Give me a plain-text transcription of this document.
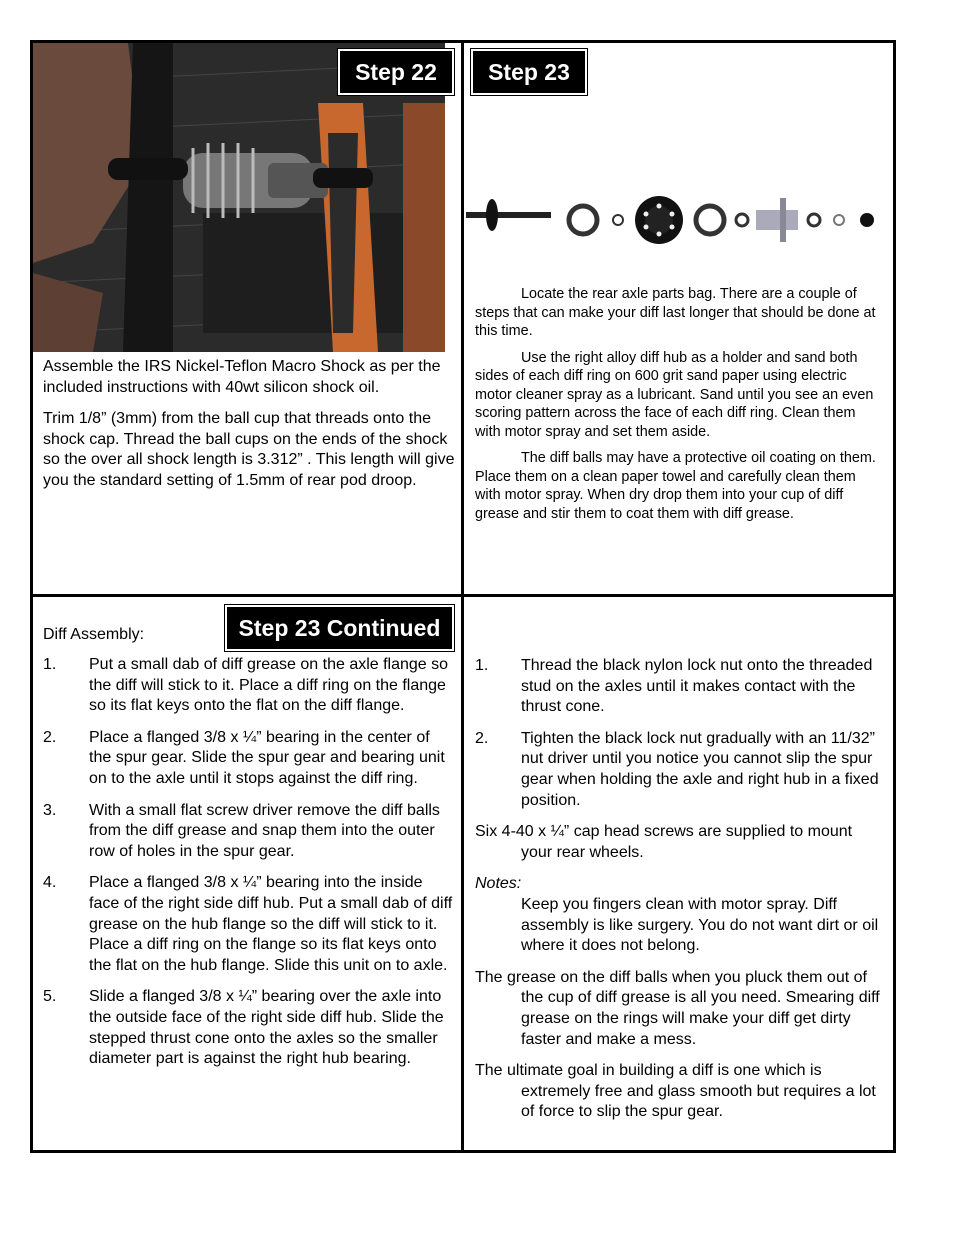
Step 22	Step 23

Assemble the IRS Nickel-Teflon Macro Shock as per the included instructions with 40wt silicon shock oil.

Trim 1/8” (3mm) from the ball cup that threads onto the shock cap. Thread the ball cups on the ends of the shock so the over all shock length is 3.312” . This length will give you the standard setting of 1.5mm of rear pod droop.

Locate the rear axle parts bag. There are a couple of steps that can make your diff last longer that should be done at this time.

Use the right alloy diff hub as a holder and sand both sides of each diff ring on 600 grit sand paper using electric motor cleaner spray as a lubricant. Sand until you see an even scoring pattern across the face of each diff ring. Clean them with motor spray and set them aside.

The diff balls may have a protective oil coating on them. Place them on a clean paper towel and carefully clean them with motor spray. When dry drop them into your cup of diff grease and stir them to coat them with diff grease.

Step 23 Continued
Diff Assembly:
1. Put a small dab of diff grease on the axle flange so the diff will stick to it. Place a diff ring on the flange so its flat keys onto the flat on the diff flange.
2. Place a flanged 3/8 x ¼” bearing in the center of the spur gear. Slide the spur gear and bearing unit on to the axle until it stops against the diff ring.
3. With a small flat screw driver remove the diff balls from the diff grease and snap them into the outer row of holes in the spur gear.
4. Place a flanged 3/8 x ¼” bearing into the inside face of the right side diff hub. Put a small dab of diff grease on the hub flange so the diff will stick to it. Place a diff ring on the flange so its flat keys onto the flat on the hub flange. Slide this unit on to axle.
5. Slide a flanged 3/8 x ¼” bearing over the axle into the outside face of the right side diff hub. Slide the stepped thrust cone onto the axles so the smaller diameter part is against the right hub bearing.
1. Thread the black nylon lock nut onto the threaded stud on the axles until it makes contact with the thrust cone.
2. Tighten the black lock nut gradually with an 11/32” nut driver until you notice you cannot slip the spur gear when holding the axle and right hub in a fixed position.

Six 4-40 x ¼” cap head screws are supplied to mount your rear wheels.

Notes:

Keep you fingers clean with motor spray. Diff assembly is like surgery. You do not want dirt or oil where it does not belong.

The grease on the diff balls when you pluck them out of the cup of diff grease is all you need. Smearing diff grease on the rings will make your diff get dirty faster and make a mess.

The ultimate goal in building a diff is one which is extremely free and glass smooth but requires a lot of force to slip the spur gear.
